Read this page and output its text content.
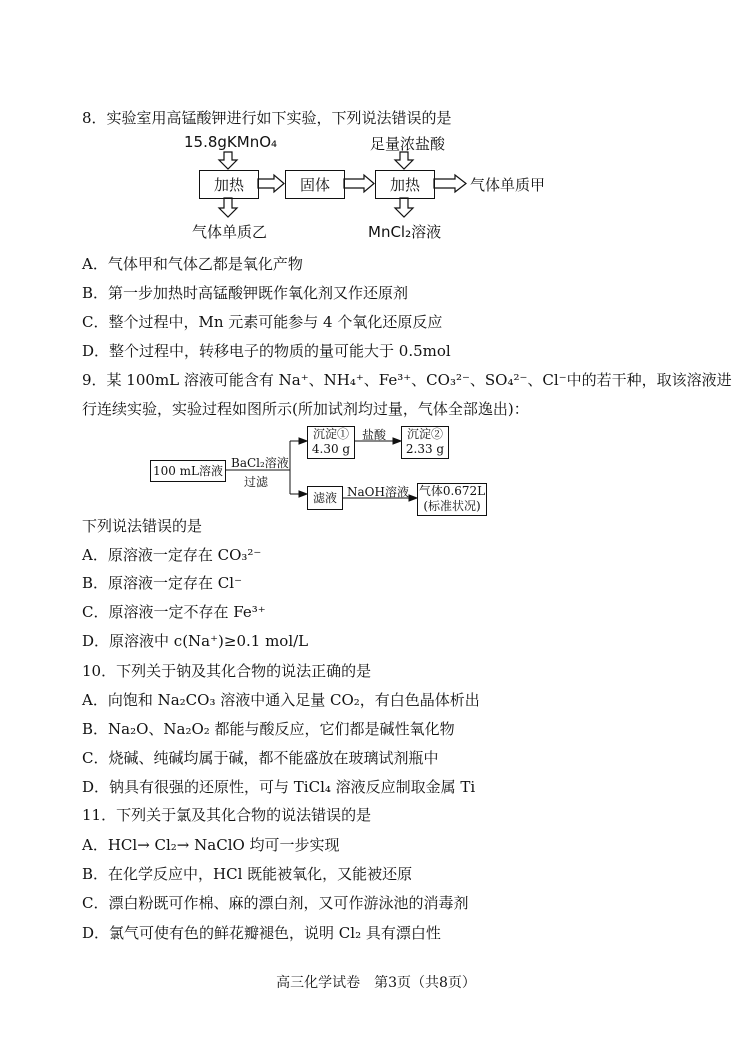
8．实验室用高锰酸钾进行如下实验，下列说法错误的是
15.8gKMnO₄	足量浓盐酸
加热	固体	加热	气体单质甲
气体单质乙	MnCl₂溶液
A．气体甲和气体乙都是氧化产物
B．第一步加热时高锰酸钾既作氧化剂又作还原剂
C．整个过程中，Mn 元素可能参与 4 个氧化还原反应
D．整个过程中，转移电子的物质的量可能大于 0.5mol
9．某 100mL 溶液可能含有 Na⁺、NH₄⁺、Fe³⁺、CO₃²⁻、SO₄²⁻、Cl⁻中的若干种，取该溶液进
行连续实验，实验过程如图所示(所加试剂均过量，气体全部逸出)：
100 mL溶液
BaCl₂溶液
过滤
沉淀①
4.30 g
盐酸	沉淀②
2.33 g
滤液 NaOH溶液 气体0.672L
(标准状况)
下列说法错误的是
A．原溶液一定存在 CO₃²⁻
B．原溶液一定存在 Cl⁻
C．原溶液一定不存在 Fe³⁺
D．原溶液中 c(Na⁺)≥0.1 mol/L
10．下列关于钠及其化合物的说法正确的是
A．向饱和 Na₂CO₃ 溶液中通入足量 CO₂，有白色晶体析出
B．Na₂O、Na₂O₂ 都能与酸反应，它们都是碱性氧化物
C．烧碱、纯碱均属于碱，都不能盛放在玻璃试剂瓶中
D．钠具有很强的还原性，可与 TiCl₄ 溶液反应制取金属 Ti
11．下列关于氯及其化合物的说法错误的是
A．HCl→ Cl₂→ NaClO 均可一步实现
B．在化学反应中，HCl 既能被氧化，又能被还原
C．漂白粉既可作棉、麻的漂白剂，又可作游泳池的消毒剂
D．氯气可使有色的鲜花瓣褪色，说明 Cl₂ 具有漂白性
高三化学试卷　第3页（共8页）
